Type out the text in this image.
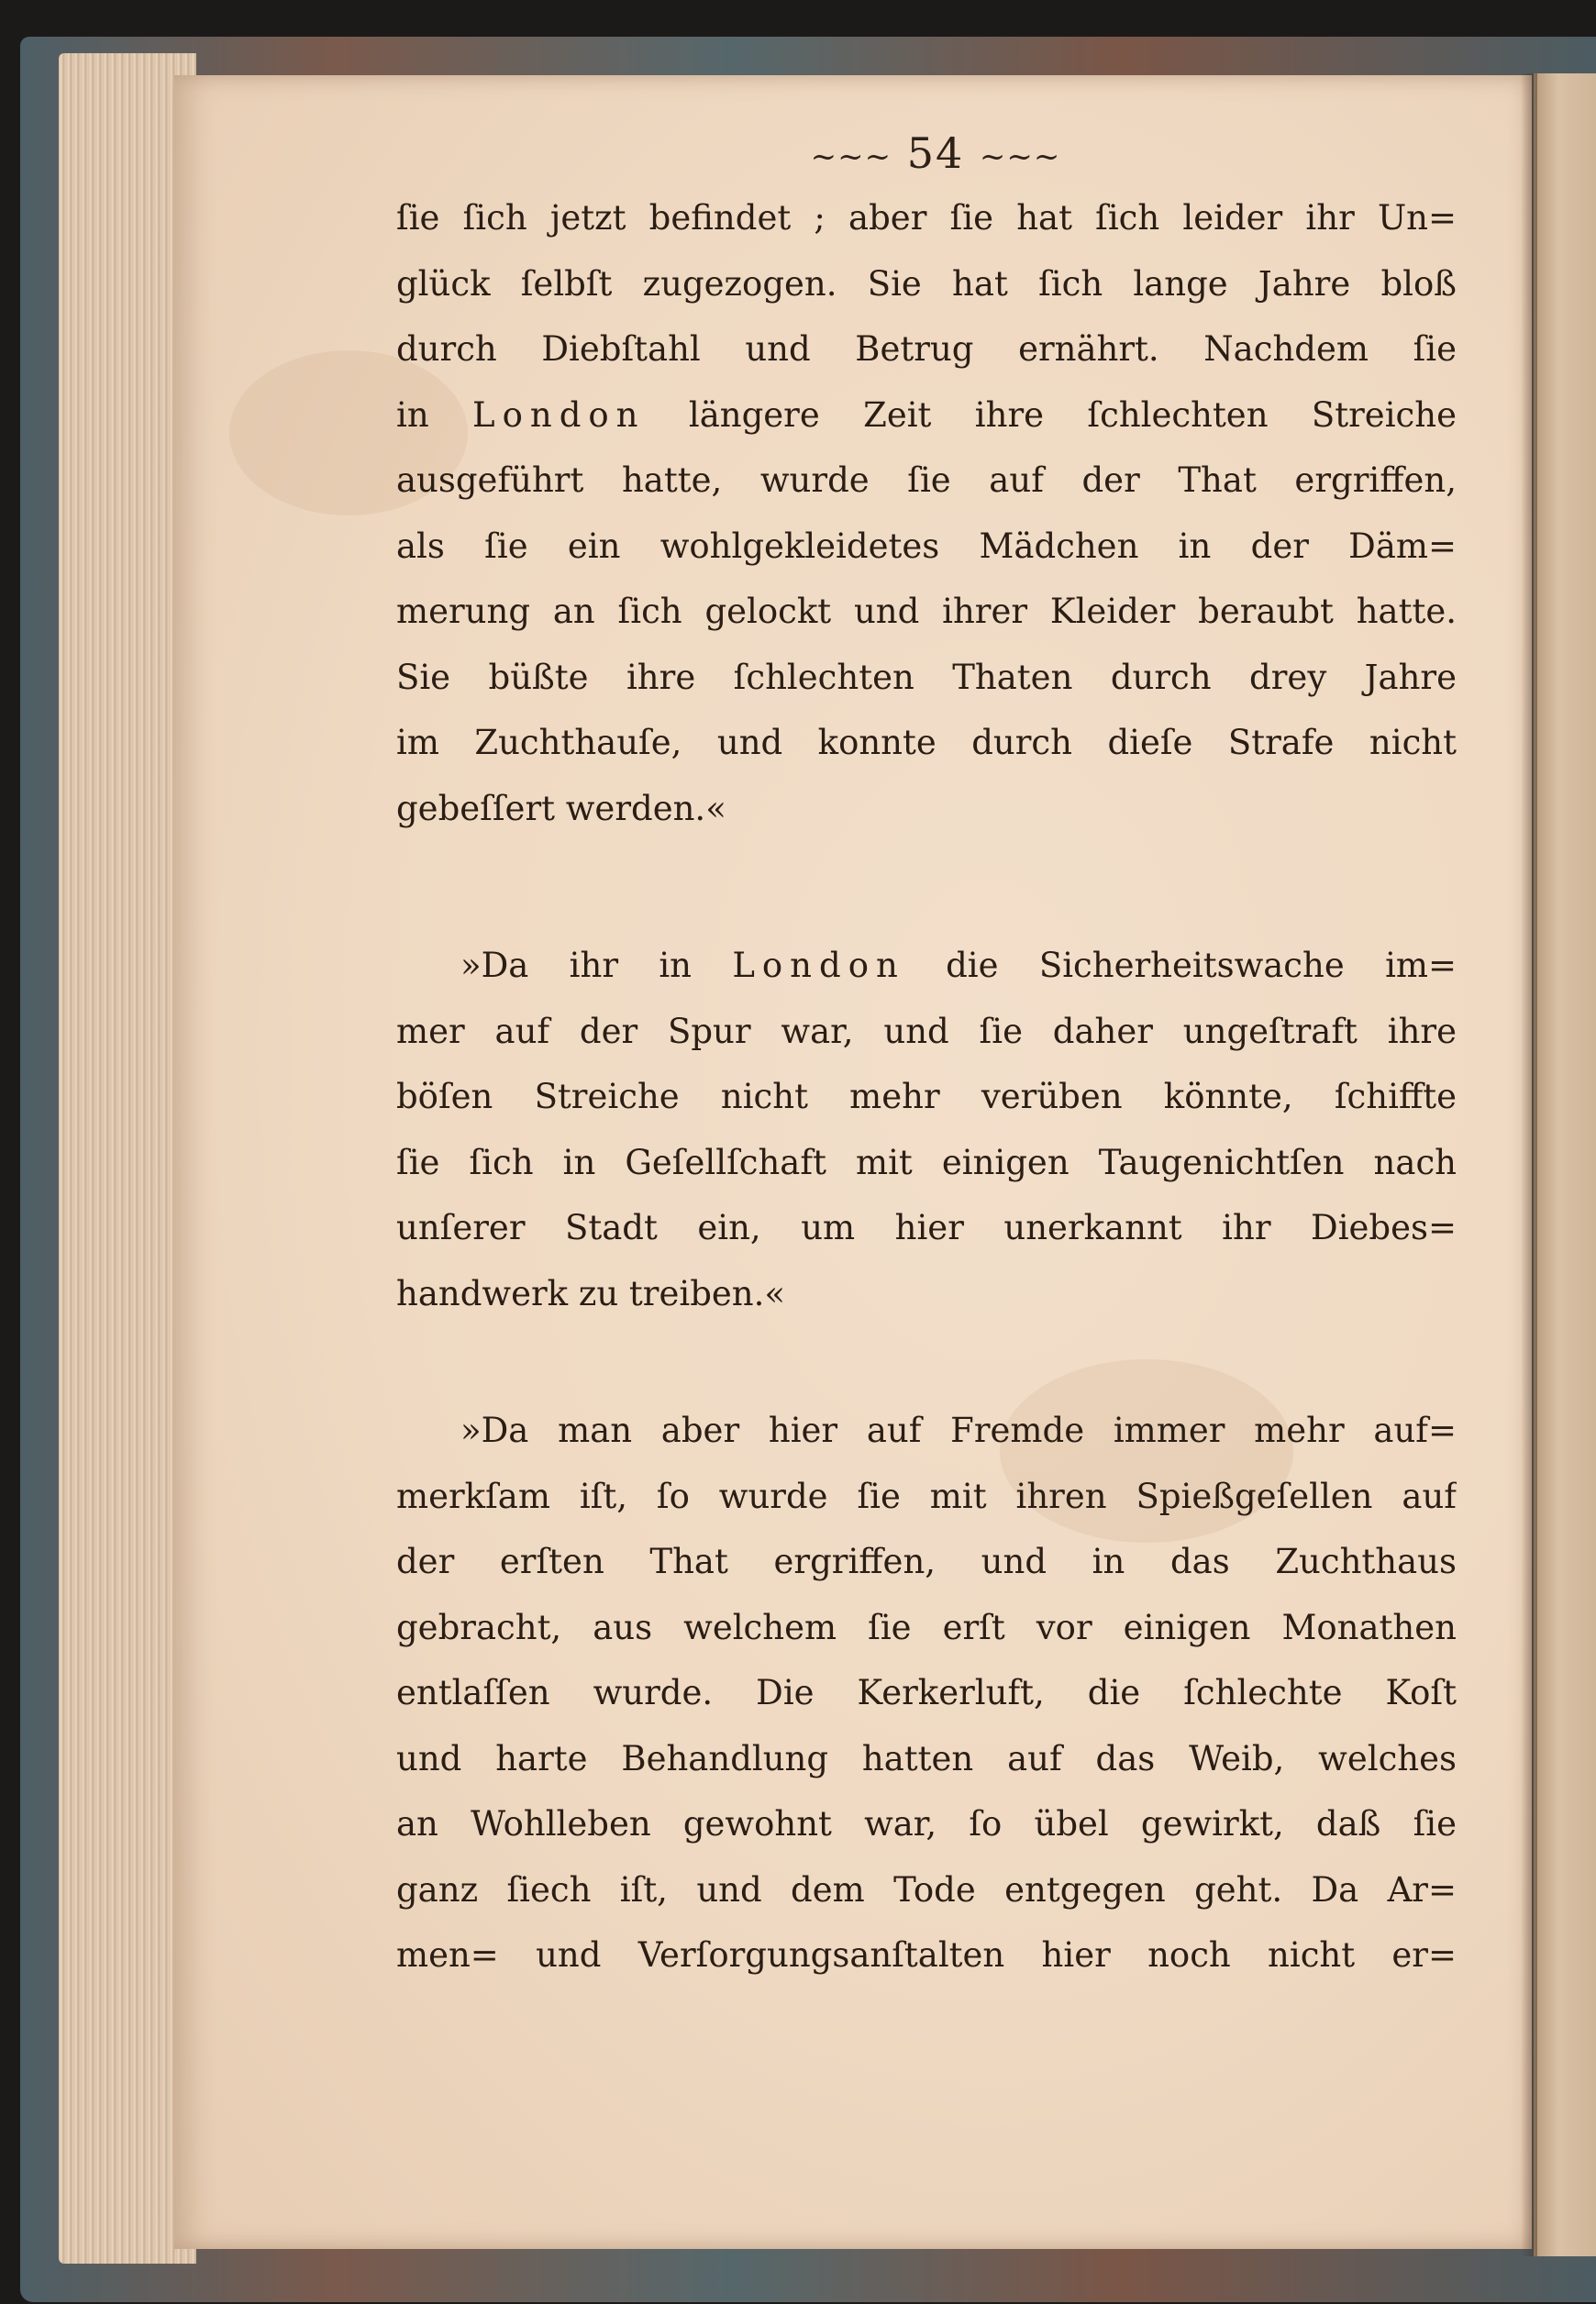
~~~ 54 ~~~
ſie ſich jetzt befindet ; aber ſie hat ſich leider ihr Un=
glück ſelbſt zugezogen. Sie hat ſich lange Jahre bloß
durch Diebſtahl und Betrug ernährt. Nachdem ſie
in London längere Zeit ihre ſchlechten Streiche
ausgeführt hatte, wurde ſie auf der That ergriffen,
als ſie ein wohlgekleidetes Mädchen in der Däm=
merung an ſich gelockt und ihrer Kleider beraubt hatte.
Sie büßte ihre ſchlechten Thaten durch drey Jahre
im Zuchthauſe, und konnte durch dieſe Strafe nicht
gebeſſert werden.«
»Da ihr in London die Sicherheitswache im=
mer auf der Spur war, und ſie daher ungeſtraft ihre
böſen Streiche nicht mehr verüben könnte, ſchiffte
ſie ſich in Geſellſchaft mit einigen Taugenichtſen nach
unſerer Stadt ein, um hier unerkannt ihr Diebes=
handwerk zu treiben.«
»Da man aber hier auf Fremde immer mehr auf=
merkſam iſt, ſo wurde ſie mit ihren Spießgeſellen auf
der erſten That ergriffen, und in das Zuchthaus
gebracht, aus welchem ſie erſt vor einigen Monathen
entlaſſen wurde. Die Kerkerluft, die ſchlechte Koſt
und harte Behandlung hatten auf das Weib, welches
an Wohlleben gewohnt war, ſo übel gewirkt, daß ſie
ganz ſiech iſt, und dem Tode entgegen geht. Da Ar=
men= und Verſorgungsanſtalten hier noch nicht er=
